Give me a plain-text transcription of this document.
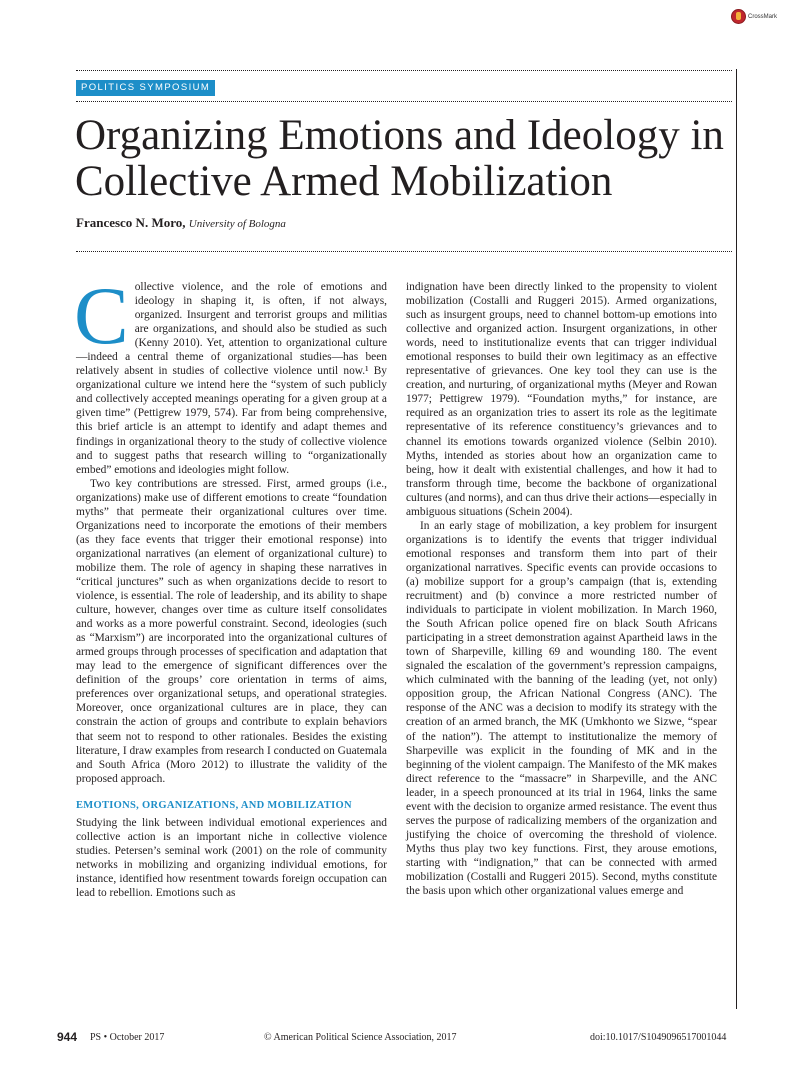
CrossMark
POLITICS SYMPOSIUM
Organizing Emotions and Ideology in Collective Armed Mobilization
Francesco N. Moro, University of Bologna

Collective violence, and the role of emotions and ideology in shaping it, is often, if not always, organized. Insurgent and terrorist groups and militias are organizations, and should also be studied as such (Kenny 2010). Yet, attention to organizational culture—indeed a central theme of organizational studies—has been relatively absent in studies of collective violence until now.¹ By organizational culture we intend here the “system of such publicly and collectively accepted meanings operating for a given group at a given time” (Pettigrew 1979, 574). Far from being comprehensive, this brief article is an attempt to identify and adapt themes and findings in organizational theory to the study of collective violence and to suggest paths that research willing to “organizationally embed” emotions and ideologies might follow.

Two key contributions are stressed. First, armed groups (i.e., organizations) make use of different emotions to create “foundation myths” that permeate their organizational cultures over time. Organizations need to incorporate the emotions of their members (as they face events that trigger their emotional response) into organizational narratives (an element of organizational culture) to mobilize them. The role of agency in shaping these narratives in “critical junctures” such as when organizations decide to resort to violence, is essential. The role of leadership, and its ability to shape culture, however, changes over time as culture itself consolidates and works as a more powerful constraint. Second, ideologies (such as “Marxism”) are incorporated into the organizational cultures of armed groups through processes of specification and adaptation that may lead to the emergence of significant differences over the definition of the groups’ core orientation in terms of aims, preferences over organizational setups, and operational strategies. Moreover, once organizational cultures are in place, they can constrain the action of groups and contribute to explain behaviors that seem not to respond to other rationales. Besides the existing literature, I draw examples from research I conducted on Guatemala and South Africa (Moro 2012) to illustrate the validity of the proposed approach.

EMOTIONS, ORGANIZATIONS, AND MOBILIZATION

Studying the link between individual emotional experiences and collective action is an important niche in collective violence studies. Petersen’s seminal work (2001) on the role of community networks in mobilizing and organizing individual emotions, for instance, identified how resentment towards foreign occupation can lead to rebellion. Emotions such as

indignation have been directly linked to the propensity to violent mobilization (Costalli and Ruggeri 2015). Armed organizations, such as insurgent groups, need to channel bottom-up emotions into collective and organized action. Insurgent organizations, in other words, need to institutionalize events that can trigger individual emotional responses to build their own legitimacy as an effective representative of grievances. One key tool they can use is the creation, and nurturing, of organizational myths (Meyer and Rowan 1977; Pettigrew 1979). “Foundation myths,” for instance, are required as an organization tries to assert its role as the legitimate representative of its reference constituency’s grievances and to channel its emotions towards organized violence (Selbin 2010). Myths, intended as stories about how an organization came to being, how it dealt with existential challenges, and how it had to transform through time, become the backbone of organizational cultures (and norms), and can thus drive their actions—especially in ambiguous situations (Schein 2004).

In an early stage of mobilization, a key problem for insurgent organizations is to identify the events that trigger individual emotional responses and transform them into part of their organizational narratives. Specific events can provide occasions to (a) mobilize support for a group’s campaign (that is, extending recruitment) and (b) convince a more restricted number of individuals to participate in violent mobilization. In March 1960, the South African police opened fire on black South Africans participating in a street demonstration against Apartheid laws in the town of Sharpeville, killing 69 and wounding 180. The event signaled the escalation of the government’s repression campaigns, which culminated with the banning of the leading (yet, not only) opposition group, the African National Congress (ANC). The response of the ANC was a decision to modify its strategy with the creation of an armed branch, the MK (Umkhonto we Sizwe, “spear of the nation”). The attempt to institutionalize the memory of Sharpeville was explicit in the founding of MK and in the beginning of the violent campaign. The Manifesto of the MK makes direct reference to the “massacre” in Sharpeville, and the ANC leader, in a speech pronounced at its trial in 1964, links the same event with the decision to organize armed resistance. The event thus serves the purpose of radicalizing members of the organization and justifying the choice of overcoming the threshold of violence. Myths thus play two key functions. First, they arouse emotions, starting with “indignation,” that can be connected with armed mobilization (Costalli and Ruggeri 2015). Second, myths constitute the basis upon which other organizational values emerge and

944 PS • October 2017	© American Political Science Association, 2017	doi:10.1017/S1049096517001044
